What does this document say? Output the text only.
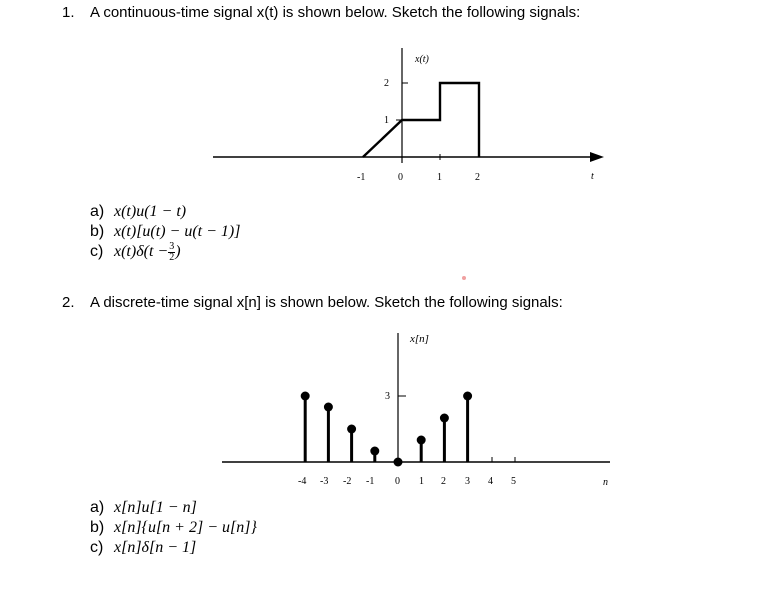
1. A continuous-time signal x(t) is shown below. Sketch the following signals:
x(t)
2
1
-1	0	1	2	t
a) x(t)u(1 − t)
b) x(t)[u(t) − u(t − 1)]
c) $x(t)\delta(t - \frac{3}{2}$ )
2. A discrete-time signal x[n] is shown below. Sketch the following signals:
x[n]
3
-4 -3 -2 -1 0 1 2 3 4 5	n
a) x[n]u[1 − n]
b) x[n]{u[n + 2] − u[n]}
c) x[n]δ[n − 1]
